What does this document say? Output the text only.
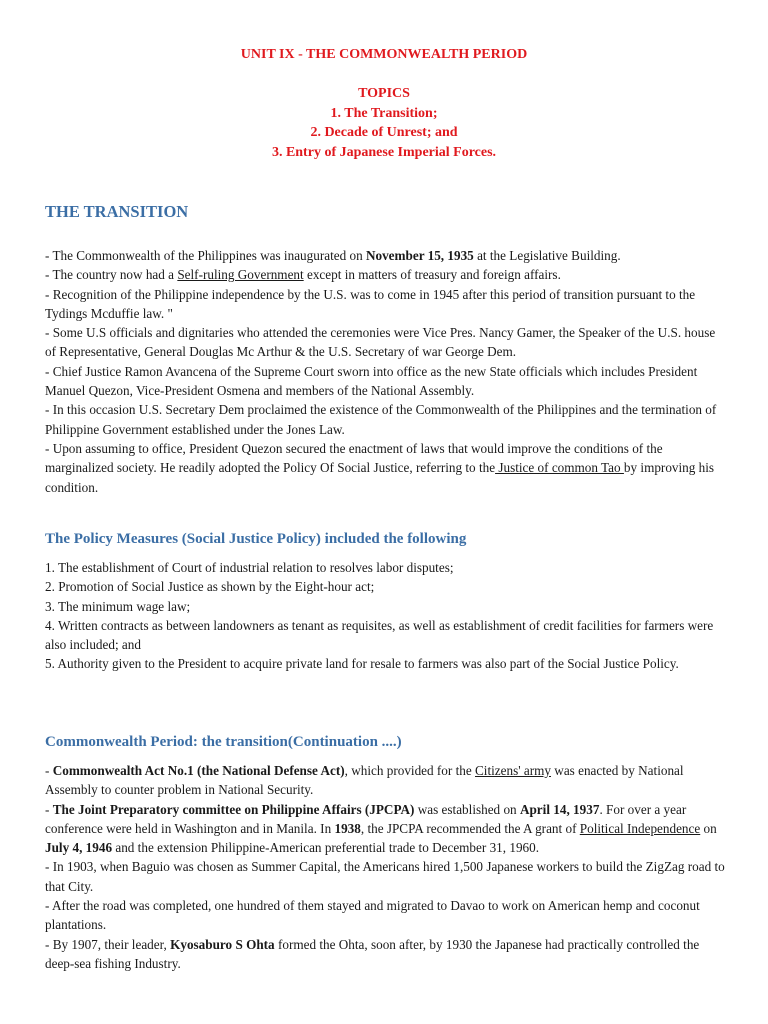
UNIT IX - THE COMMONWEALTH PERIOD
TOPICS
1. The Transition;
2. Decade of Unrest; and
3. Entry of Japanese Imperial Forces.
THE TRANSITION

- The Commonwealth of the Philippines was inaugurated on November 15, 1935 at the Legislative Building.

- The country now had a Self-ruling Government except in matters of treasury and foreign affairs.

- Recognition of the Philippine independence by the U.S. was to come in 1945 after this period of transition pursuant to the Tydings Mcduffie law. "

- Some U.S officials and dignitaries who attended the ceremonies were Vice Pres. Nancy Gamer, the Speaker of the U.S. house of Representative, General Douglas Mc Arthur & the U.S. Secretary of war George Dem.

- Chief Justice Ramon Avancena of the Supreme Court sworn into office as the new State officials which includes President Manuel Quezon, Vice-President Osmena and members of the National Assembly.

- In this occasion U.S. Secretary Dem proclaimed the existence of the Commonwealth of the Philippines and the termination of Philippine Government established under the Jones Law.

- Upon assuming to office, President Quezon secured the enactment of laws that would improve the conditions of the marginalized society. He readily adopted the Policy Of Social Justice, referring to the Justice of common Tao by improving his condition.

The Policy Measures (Social Justice Policy) included the following

1. The establishment of Court of industrial relation to resolves labor disputes;

2. Promotion of Social Justice as shown by the Eight-hour act;

3. The minimum wage law;

4. Written contracts as between landowners as tenant as requisites, as well as establishment of credit facilities for farmers were also included; and

5. Authority given to the President to acquire private land for resale to farmers was also part of the Social Justice Policy.

Commonwealth Period: the transition(Continuation ....)

- Commonwealth Act No.1 (the National Defense Act), which provided for the Citizens' army was enacted by National Assembly to counter problem in National Security.

- The Joint Preparatory committee on Philippine Affairs (JPCPA) was established on April 14, 1937. For over a year conference were held in Washington and in Manila. In 1938, the JPCPA recommended the A grant of Political Independence on July 4, 1946 and the extension Philippine-American preferential trade to December 31, 1960.

- In 1903, when Baguio was chosen as Summer Capital, the Americans hired 1,500 Japanese workers to build the ZigZag road to that City.

- After the road was completed, one hundred of them stayed and migrated to Davao to work on American hemp and coconut plantations.

- By 1907, their leader, Kyosaburo S Ohta formed the Ohta, soon after, by 1930 the Japanese had practically controlled the deep-sea fishing Industry.
